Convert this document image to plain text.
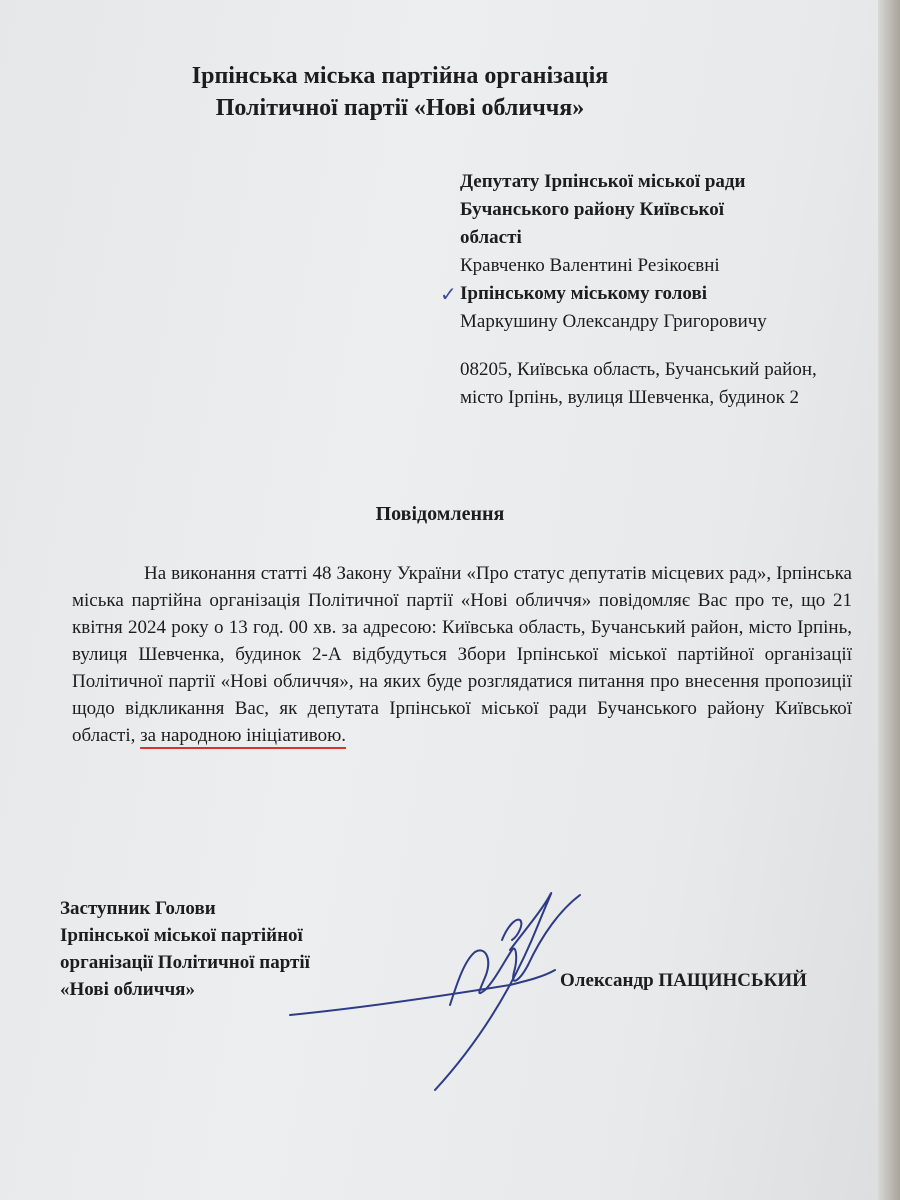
Ірпінська міська партійна організація
Політичної партії «Нові обличчя»
Депутату Ірпінської міської ради
Бучанського району Київської
області
Кравченко Валентині Резікоєвні
✓ Ірпінському міському голові
Маркушину Олександру Григоровичу
08205, Київська область, Бучанський район, місто Ірпінь, вулиця Шевченка, будинок 2
Повідомлення
На виконання статті 48 Закону України «Про статус депутатів місцевих рад», Ірпінська міська партійна організація Політичної партії «Нові обличчя» повідомляє Вас про те, що 21 квітня 2024 року о 13 год. 00 хв. за адресою: Київська область, Бучанський район, місто Ірпінь, вулиця Шевченка, будинок 2-А відбудуться Збори Ірпінської міської партійної організації Політичної партії «Нові обличчя», на яких буде розглядатися питання про внесення пропозиції щодо відкликання Вас, як депутата Ірпінської міської ради Бучанського району Київської області, за народною ініціативою.
Заступник Голови
Ірпінської міської партійної
організації Політичної партії
«Нові обличчя»	Олександр ПАЩИНСЬКИЙ
